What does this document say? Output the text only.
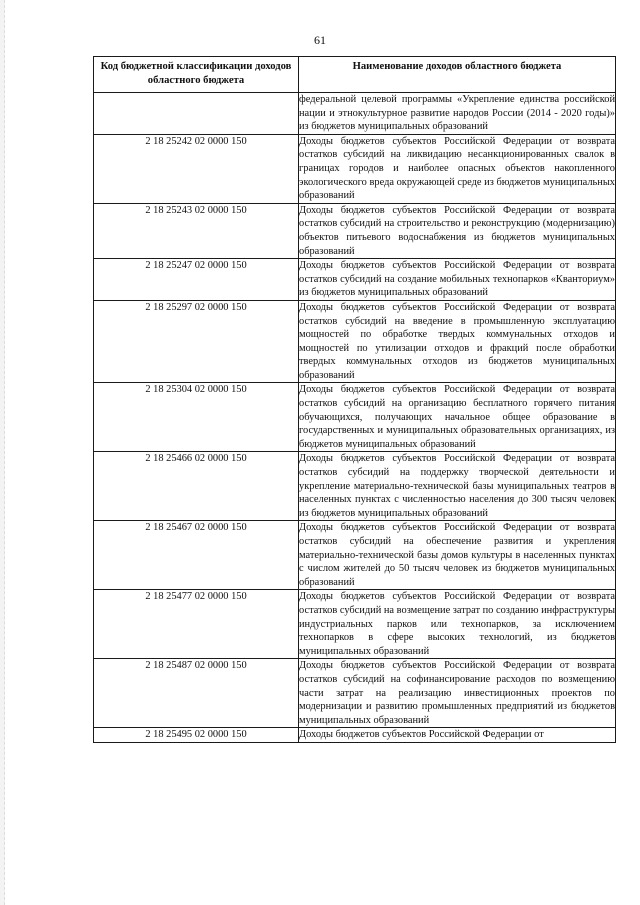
61
Код бюджетной классификации доходов областного бюджета	Наименование доходов областного бюджета
	федеральной целевой программы «Укрепление единства российской нации и этнокультурное развитие народов России (2014 - 2020 годы)» из бюджетов муниципальных образований
2 18 25242 02 0000 150	Доходы бюджетов субъектов Российской Федерации от возврата остатков субсидий на ликвидацию несанкционированных свалок в границах городов и наиболее опасных объектов накопленного экологического вреда окружающей среде из бюджетов муниципальных образований
2 18 25243 02 0000 150	Доходы бюджетов субъектов Российской Федерации от возврата остатков субсидий на строительство и реконструкцию (модернизацию) объектов питьевого водоснабжения из бюджетов муниципальных образований
2 18 25247 02 0000 150	Доходы бюджетов субъектов Российской Федерации от возврата остатков субсидий на создание мобильных технопарков «Кванториум» из бюджетов муниципальных образований
2 18 25297 02 0000 150	Доходы бюджетов субъектов Российской Федерации от возврата остатков субсидий на введение в промышленную эксплуатацию мощностей по обработке твердых коммунальных отходов и мощностей по утилизации отходов и фракций после обработки твердых коммунальных отходов из бюджетов муниципальных образований
2 18 25304 02 0000 150	Доходы бюджетов субъектов Российской Федерации от возврата остатков субсидий на организацию бесплатного горячего питания обучающихся, получающих начальное общее образование в государственных и муниципальных образовательных организациях, из бюджетов муниципальных образований
2 18 25466 02 0000 150	Доходы бюджетов субъектов Российской Федерации от возврата остатков субсидий на поддержку творческой деятельности и укрепление материально-технической базы муниципальных театров в населенных пунктах с численностью населения до 300 тысяч человек из бюджетов муниципальных образований
2 18 25467 02 0000 150	Доходы бюджетов субъектов Российской Федерации от возврата остатков субсидий на обеспечение развития и укрепления материально-технической базы домов культуры в населенных пунктах с числом жителей до 50 тысяч человек из бюджетов муниципальных образований
2 18 25477 02 0000 150	Доходы бюджетов субъектов Российской Федерации от возврата остатков субсидий на возмещение затрат по созданию инфраструктуры индустриальных парков или технопарков, за исключением технопарков в сфере высоких технологий, из бюджетов муниципальных образований
2 18 25487 02 0000 150	Доходы бюджетов субъектов Российской Федерации от возврата остатков субсидий на софинансирование расходов по возмещению части затрат на реализацию инвестиционных проектов по модернизации и развитию промышленных предприятий из бюджетов муниципальных образований
2 18 25495 02 0000 150	Доходы бюджетов субъектов Российской Федерации от
